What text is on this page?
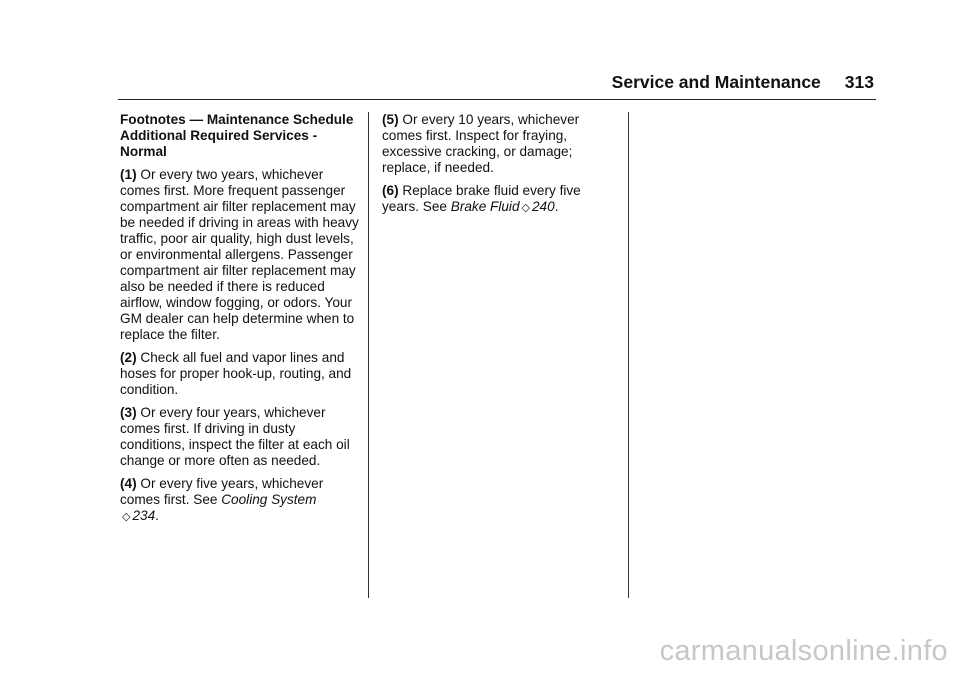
Service and Maintenance 313
Footnotes — Maintenance Schedule Additional Required Services - Normal

(1) Or every two years, whichever comes first. More frequent passenger compartment air filter replacement may be needed if driving in areas with heavy traffic, poor air quality, high dust levels, or environmental allergens. Passenger compartment air filter replacement may also be needed if there is reduced airflow, window fogging, or odors. Your GM dealer can help determine when to replace the filter.

(2) Check all fuel and vapor lines and hoses for proper hook-up, routing, and condition.

(3) Or every four years, whichever comes first. If driving in dusty conditions, inspect the filter at each oil change or more often as needed.

(4) Or every five years, whichever comes first. See Cooling System
◇ 234.

(5) Or every 10 years, whichever comes first. Inspect for fraying, excessive cracking, or damage; replace, if needed.

(6) Replace brake fluid every five years. See Brake Fluid ◇ 240.

carmanualsonline.info
